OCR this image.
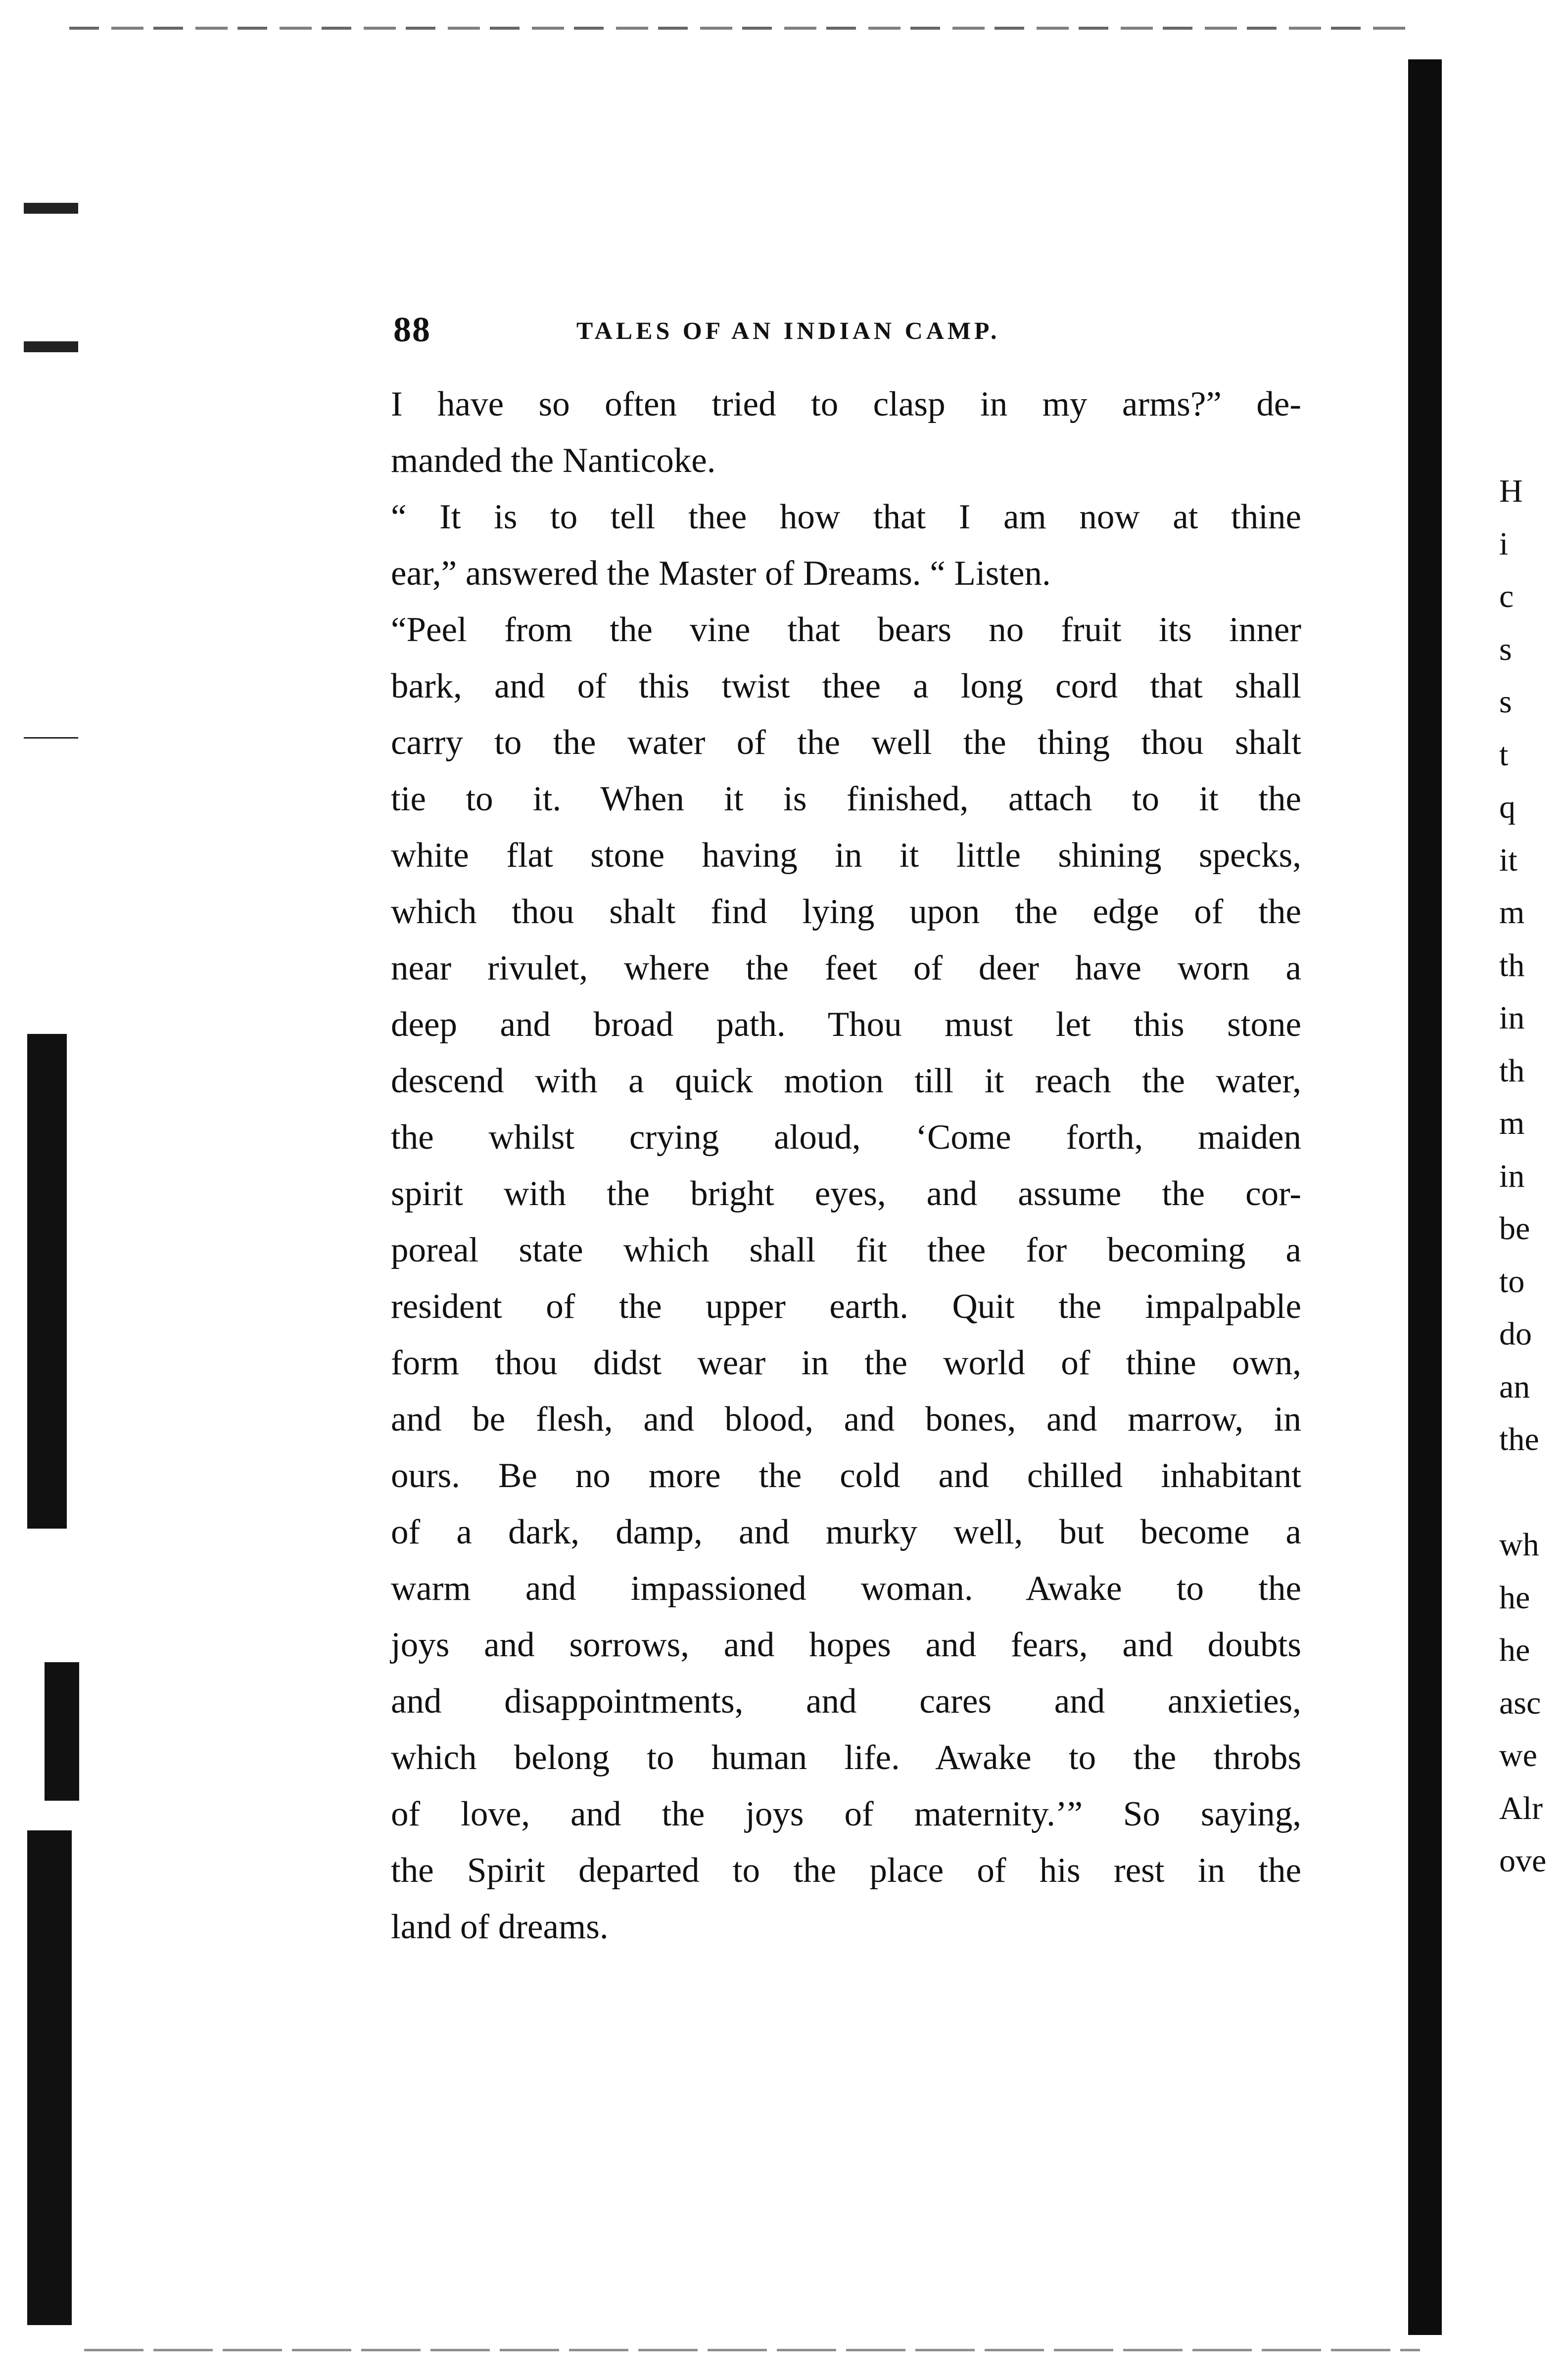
88	TALES OF AN INDIAN CAMP.
I have so often tried to clasp in my arms?” de-
manded the Nanticoke.
“ It is to tell thee how that I am now at thine
ear,” answered the Master of Dreams. “ Listen.
“Peel from the vine that bears no fruit its inner
bark, and of this twist thee a long cord that shall
carry to the water of the well the thing thou shalt
tie to it. When it is finished, attach to it the
white flat stone having in it little shining specks,
which thou shalt find lying upon the edge of the
near rivulet, where the feet of deer have worn a
deep and broad path. Thou must let this stone
descend with a quick motion till it reach the water,
the whilst crying aloud, ‘Come forth, maiden
spirit with the bright eyes, and assume the cor-
poreal state which shall fit thee for becoming a
resident of the upper earth. Quit the impalpable
form thou didst wear in the world of thine own,
and be flesh, and blood, and bones, and marrow, in
ours. Be no more the cold and chilled inhabitant
of a dark, damp, and murky well, but become a
warm and impassioned woman. Awake to the
joys and sorrows, and hopes and fears, and doubts
and disappointments, and cares and anxieties,
which belong to human life. Awake to the throbs
of love, and the joys of maternity.’” So saying,
the Spirit departed to the place of his rest in the
land of dreams.
H
i
c
s
s
t
q
it
m
th
in
th
m
in
be
to
do
an
the
wh
he
he
asc
we
Alr
ove
